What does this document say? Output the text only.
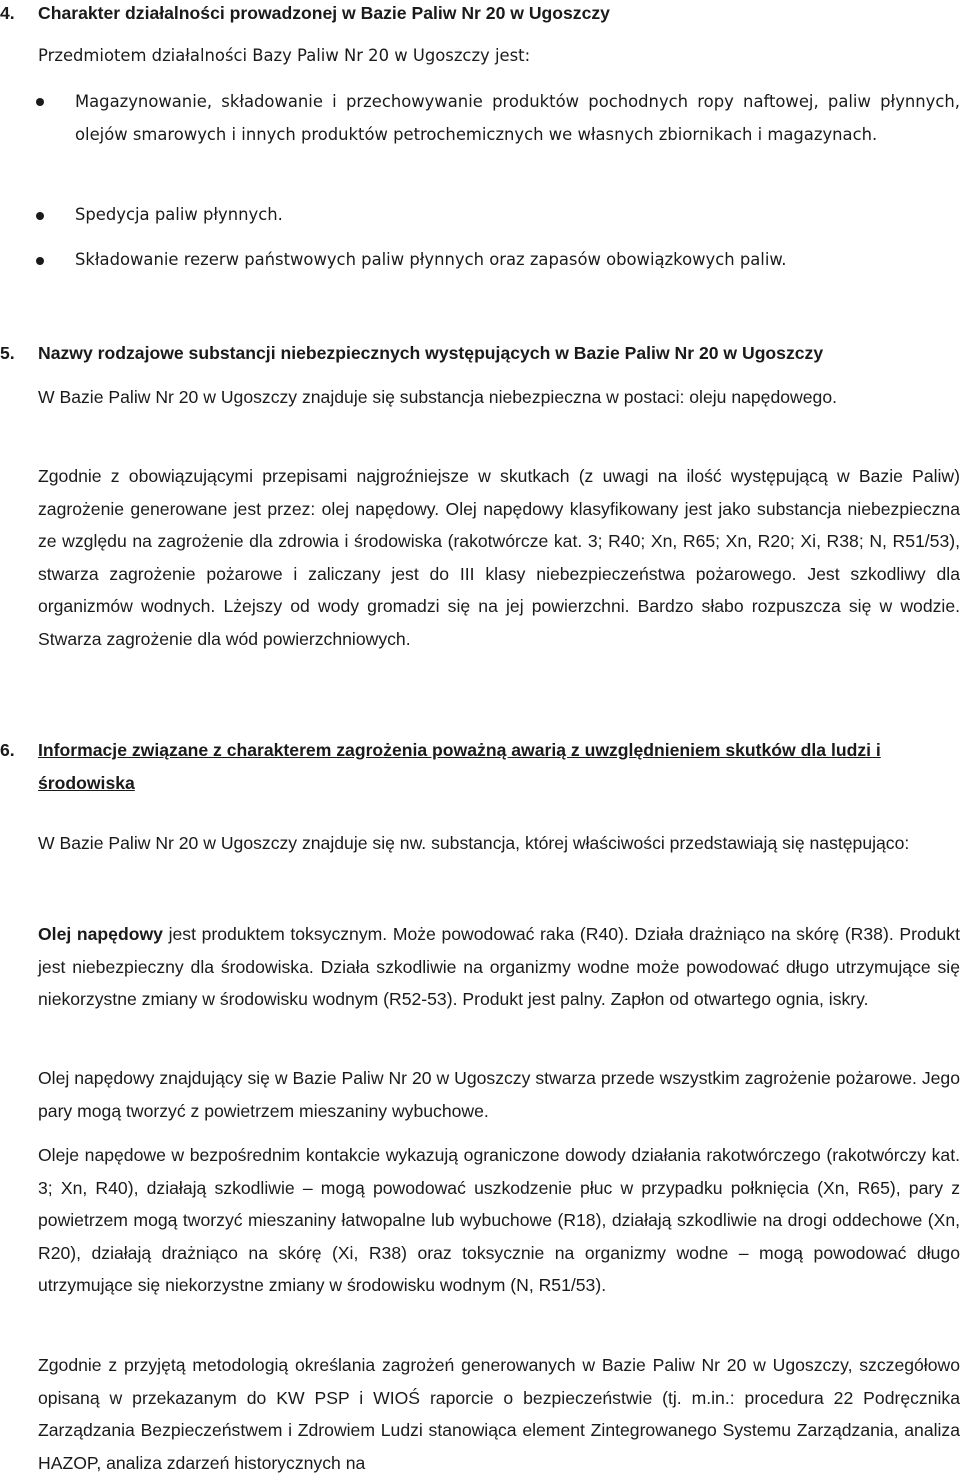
4. Charakter działalności prowadzonej w Bazie Paliw Nr 20 w Ugoszczy

Przedmiotem działalności Bazy Paliw Nr 20 w Ugoszczy jest:

Magazynowanie, składowanie i przechowywanie produktów pochodnych ropy naftowej, paliw płynnych, olejów smarowych i innych produktów petrochemicznych we własnych zbiornikach i magazynach.

Spedycja paliw płynnych.

Składowanie rezerw państwowych paliw płynnych oraz zapasów obowiązkowych paliw.

5. Nazwy rodzajowe substancji niebezpiecznych występujących w Bazie Paliw Nr 20 w Ugoszczy

W Bazie Paliw Nr 20 w Ugoszczy znajduje się substancja niebezpieczna w postaci: oleju napędowego.

Zgodnie z obowiązującymi przepisami najgroźniejsze w skutkach (z uwagi na ilość występującą w Bazie Paliw) zagrożenie generowane jest przez: olej napędowy. Olej napędowy klasyfikowany jest jako substancja niebezpieczna ze względu na zagrożenie dla zdrowia i środowiska (rakotwórcze kat. 3; R40; Xn, R65; Xn, R20; Xi, R38; N, R51/53), stwarza zagrożenie pożarowe i zaliczany jest do III klasy niebezpieczeństwa pożarowego. Jest szkodliwy dla organizmów wodnych. Lżejszy od wody gromadzi się na jej powierzchni. Bardzo słabo rozpuszcza się w wodzie. Stwarza zagrożenie dla wód powierzchniowych.

6. Informacje związane z charakterem zagrożenia poważną awarią z uwzględnieniem skutków dla ludzi i środowiska

W Bazie Paliw Nr 20 w Ugoszczy znajduje się nw. substancja, której właściwości przedstawiają się następująco:

Olej napędowy jest produktem toksycznym. Może powodować raka (R40). Działa drażniąco na skórę (R38). Produkt jest niebezpieczny dla środowiska. Działa szkodliwie na organizmy wodne może powodować długo utrzymujące się niekorzystne zmiany w środowisku wodnym (R52-53). Produkt jest palny. Zapłon od otwartego ognia, iskry.

Olej napędowy znajdujący się w Bazie Paliw Nr 20 w Ugoszczy stwarza przede wszystkim zagrożenie pożarowe. Jego pary mogą tworzyć z powietrzem mieszaniny wybuchowe.

Oleje napędowe w bezpośrednim kontakcie wykazują ograniczone dowody działania rakotwórczego (rakotwórczy kat. 3; Xn, R40), działają szkodliwie – mogą powodować uszkodzenie płuc w przypadku połknięcia (Xn, R65), pary z powietrzem mogą tworzyć mieszaniny łatwopalne lub wybuchowe (R18), działają szkodliwie na drogi oddechowe (Xn, R20), działają drażniąco na skórę (Xi, R38) oraz toksycznie na organizmy wodne – mogą powodować długo utrzymujące się niekorzystne zmiany w środowisku wodnym (N, R51/53).

Zgodnie z przyjętą metodologią określania zagrożeń generowanych w Bazie Paliw Nr 20 w Ugoszczy, szczegółowo opisaną w przekazanym do KW PSP i WIOŚ raporcie o bezpieczeństwie (tj. m.in.: procedura 22 Podręcznika Zarządzania Bezpieczeństwem i Zdrowiem Ludzi stanowiąca element Zintegrowanego Systemu Zarządzania, analiza HAZOP, analiza zdarzeń historycznych na
